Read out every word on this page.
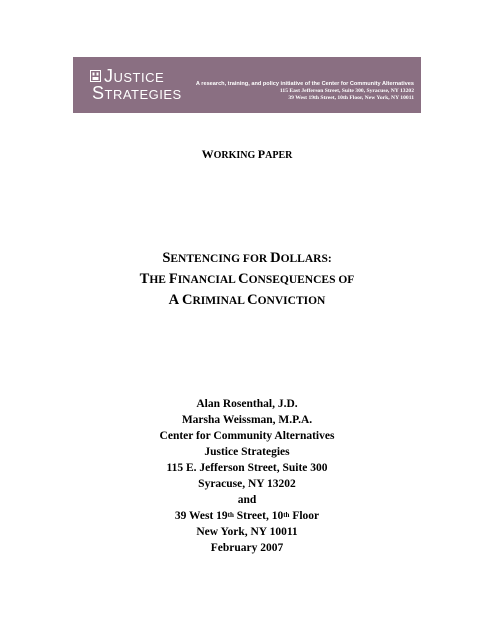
JUSTICE
STRATEGIES
A research, training, and policy initiative of the Center for Community Alternatives
115 East Jefferson Street, Suite 300, Syracuse, NY 13202
39 West 19th Street, 10th Floor, New York, NY 10011
WORKING PAPER
SENTENCING FOR DOLLARS:
THE FINANCIAL CONSEQUENCES OF
A CRIMINAL CONVICTION
Alan Rosenthal, J.D.
Marsha Weissman, M.P.A.
Center for Community Alternatives
Justice Strategies
115 E. Jefferson Street, Suite 300
Syracuse, NY 13202
and
39 West 19th Street, 10th Floor
New York, NY 10011
February 2007
